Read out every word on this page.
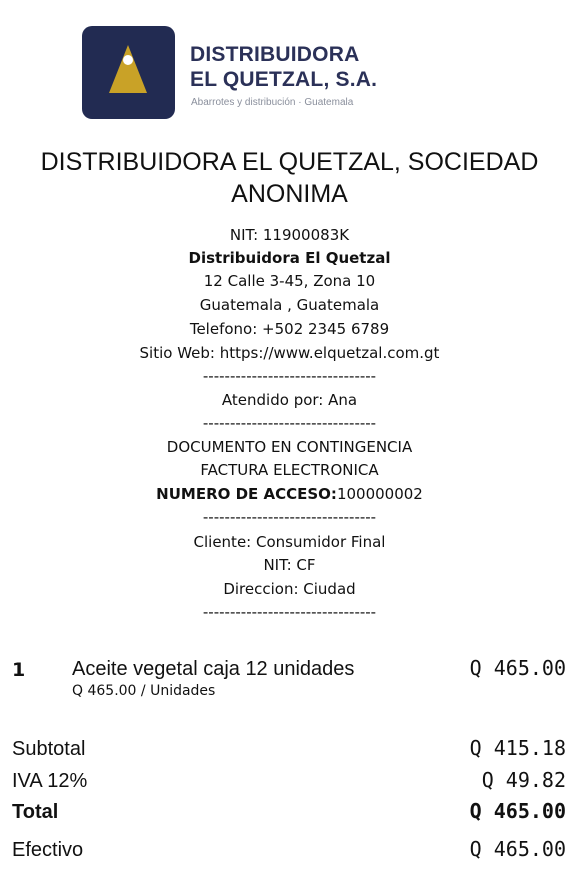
DISTRIBUIDORA
EL QUETZAL, S.A.
Abarrotes y distribución · Guatemala
DISTRIBUIDORA EL QUETZAL, SOCIEDAD ANONIMA
NIT: 11900083K
Distribuidora El Quetzal
12 Calle 3-45, Zona 10
Guatemala , Guatemala
Telefono: +502 2345 6789
Sitio Web: https://www.elquetzal.com.gt
--------------------------------
Atendido por: Ana
--------------------------------
DOCUMENTO EN CONTINGENCIA
FACTURA ELECTRONICA
NUMERO DE ACCESO:100000002
--------------------------------
Cliente: Consumidor Final
NIT: CF
Direccion: Ciudad
--------------------------------
1 Aceite vegetal caja 12 unidades
Q 465.00 / Unidades
Q 465.00
Subtotal	Q 415.18
IVA 12%	Q 49.82
Total	Q 465.00
Efectivo	Q 465.00
